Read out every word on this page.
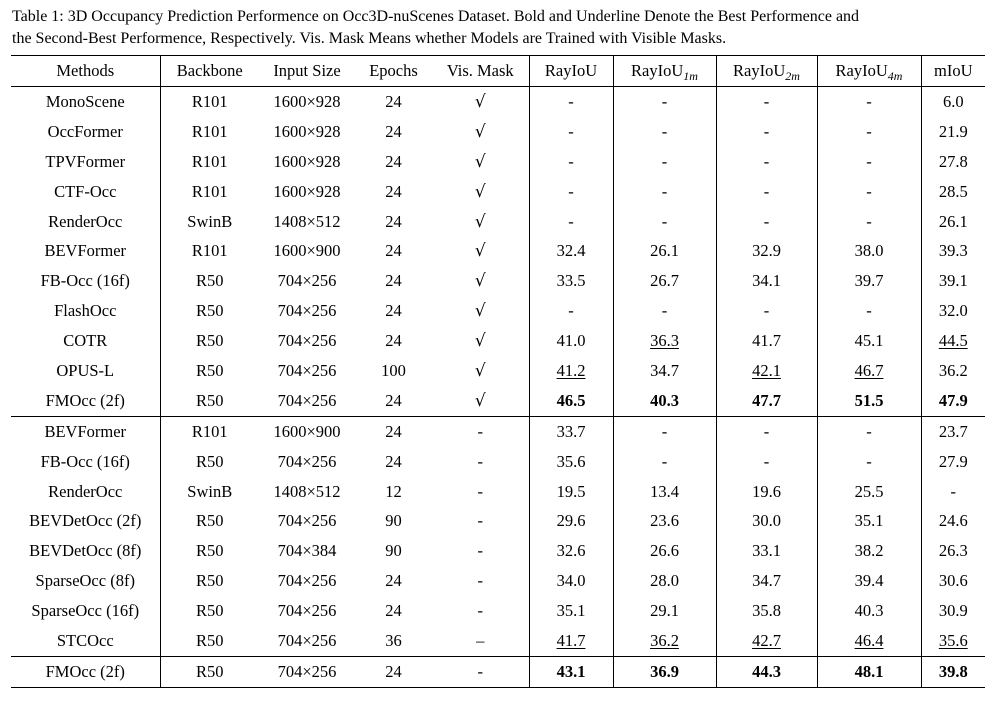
Table 1: 3D Occupancy Prediction Performence on Occ3D-nuScenes Dataset. Bold and Underline Denote the Best Performence and
the Second-Best Performence, Respectively. Vis. Mask Means whether Models are Trained with Visible Masks.
Methods	Backbone	Input Size	Epochs	Vis. Mask	RayIoU	RayIoU$_{1m}$	RayIoU$_{2m}$	RayIoU$_{4m}$	mIoU
MonoScene	R101	1600×928	24	√	-	-	-	-	6.0
OccFormer	R101	1600×928	24	√	-	-	-	-	21.9
TPVFormer	R101	1600×928	24	√	-	-	-	-	27.8
CTF-Occ	R101	1600×928	24	√	-	-	-	-	28.5
RenderOcc	SwinB	1408×512	24	√	-	-	-	-	26.1
BEVFormer	R101	1600×900	24	√	32.4	26.1	32.9	38.0	39.3
FB-Occ (16f)	R50	704×256	24	√	33.5	26.7	34.1	39.7	39.1
FlashOcc	R50	704×256	24	√	-	-	-	-	32.0
COTR	R50	704×256	24	√	41.0	36.3	41.7	45.1	44.5
OPUS-L	R50	704×256	100	√	41.2	34.7	42.1	46.7	36.2
FMOcc (2f)	R50	704×256	24	√	46.5	40.3	47.7	51.5	47.9
BEVFormer	R101	1600×900	24	-	33.7	-	-	-	23.7
FB-Occ (16f)	R50	704×256	24	-	35.6	-	-	-	27.9
RenderOcc	SwinB	1408×512	12	-	19.5	13.4	19.6	25.5	-
BEVDetOcc (2f)	R50	704×256	90	-	29.6	23.6	30.0	35.1	24.6
BEVDetOcc (8f)	R50	704×384	90	-	32.6	26.6	33.1	38.2	26.3
SparseOcc (8f)	R50	704×256	24	-	34.0	28.0	34.7	39.4	30.6
SparseOcc (16f)	R50	704×256	24	-	35.1	29.1	35.8	40.3	30.9
STCOcc	R50	704×256	36	–	41.7	36.2	42.7	46.4	35.6
FMOcc (2f)	R50	704×256	24	-	43.1	36.9	44.3	48.1	39.8
